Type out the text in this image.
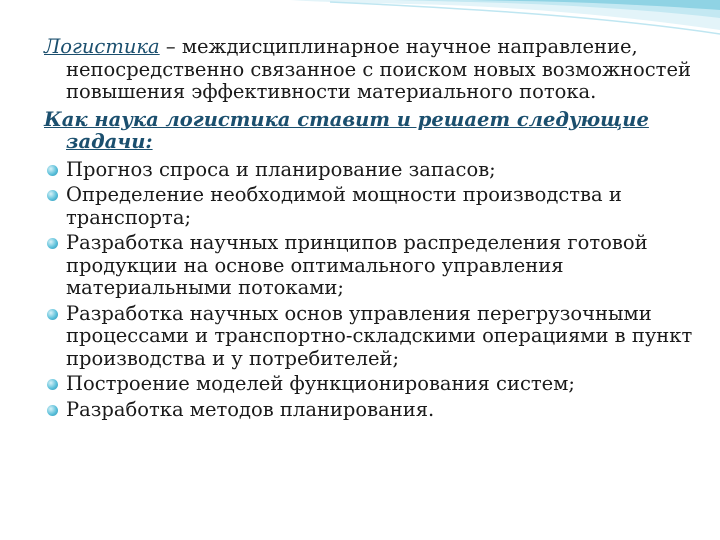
Логистика – междисциплинарное научное направление, непосредственно связанное с поиском новых возможностей повышения эффективности материального потока.

Как наука логистика ставит и решает следующие задачи:

Прогноз спроса и планирование запасов;
Определение необходимой мощности производства и транспорта;
Разработка научных принципов распределения готовой продукции на основе оптимального управления материальными потоками;
Разработка научных основ управления перегрузочными процессами и транспортно-складскими операциями в пункт производства и у потребителей;
Построение моделей функционирования систем;
Разработка методов планирования.
